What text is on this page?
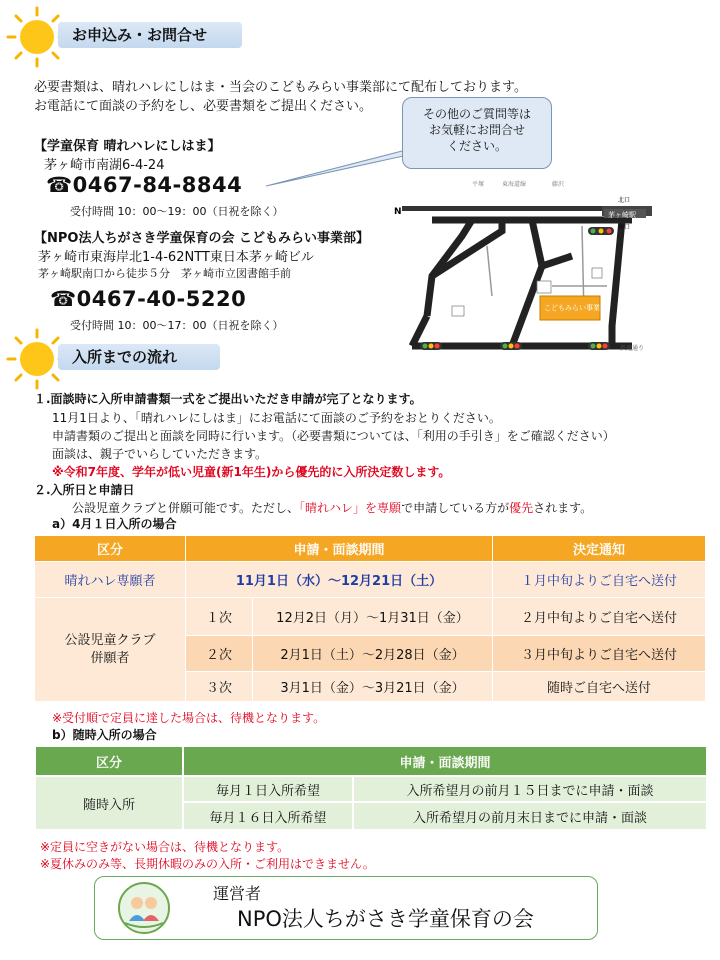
お申込み・お問合せ
必要書類は、晴れハレにしはま・当会のこどもみらい事業部にて配布しております。
お電話にて面談の予約をし、必要書類をご提出ください。	その他のご質問等は
お気軽にお問合せ
ください。
【学童保育 晴れハレにしはま】
茅ヶ崎市南湖6-4-24
☎0467-84-8844
受付時間 10：00～19：00（日祝を除く）
【NPO法人ちがさき学童保育の会 こどもみらい事業部】
茅ヶ崎市東海岸北1-4-62NTT東日本茅ヶ崎ビル
茅ヶ崎駅南口から徒歩５分　茅ヶ崎市立図書館手前
☎0467-40-5220
受付時間 10：00～17：00（日祝を除く）
N	茅ヶ崎駅
北口
南口
平塚	東海道線	藤沢
こどもみらい事業部
鉄砲通り
入所までの流れ
１.面談時に入所申請書類一式をご提出いただき申請が完了となります。
11月1日より、「晴れハレにしはま」にお電話にて面談のご予約をおとりください。
申請書類のご提出と面談を同時に行います。（必要書類については、「利用の手引き」をご確認ください）
面談は、親子でいらしていただきます。
※令和7年度、学年が低い児童(新1年生)から優先的に入所決定数します。
２.入所日と申請日
公設児童クラブと併願可能です。ただし、「晴れハレ」を専願で申請している方が優先されます。
a）4月１日入所の場合
区分	申請・面談期間		決定通知
晴れハレ専願者	11月1日（水）～12月21日（土）		１月中旬よりご自宅へ送付

公設児童クラブ
併願者	１次	12月2日（月）～1月31日（金）	２月中旬よりご自宅へ送付
	２次	2月1日（土）～2月28日（金）	３月中旬よりご自宅へ送付
	３次	3月1日（金）～3月21日（金）	随時ご自宅へ送付
※受付順で定員に達した場合は、待機となります。
b）随時入所の場合
区分	申請・面談期間	
随時入所	毎月１日入所希望	入所希望月の前月１５日までに申請・面談
	毎月１６日入所希望	入所希望月の前月末日までに申請・面談
※定員に空きがない場合は、待機となります。
※夏休みのみ等、長期休暇のみの入所・ご利用はできません。
運営者
NPO法人ちがさき学童保育の会
